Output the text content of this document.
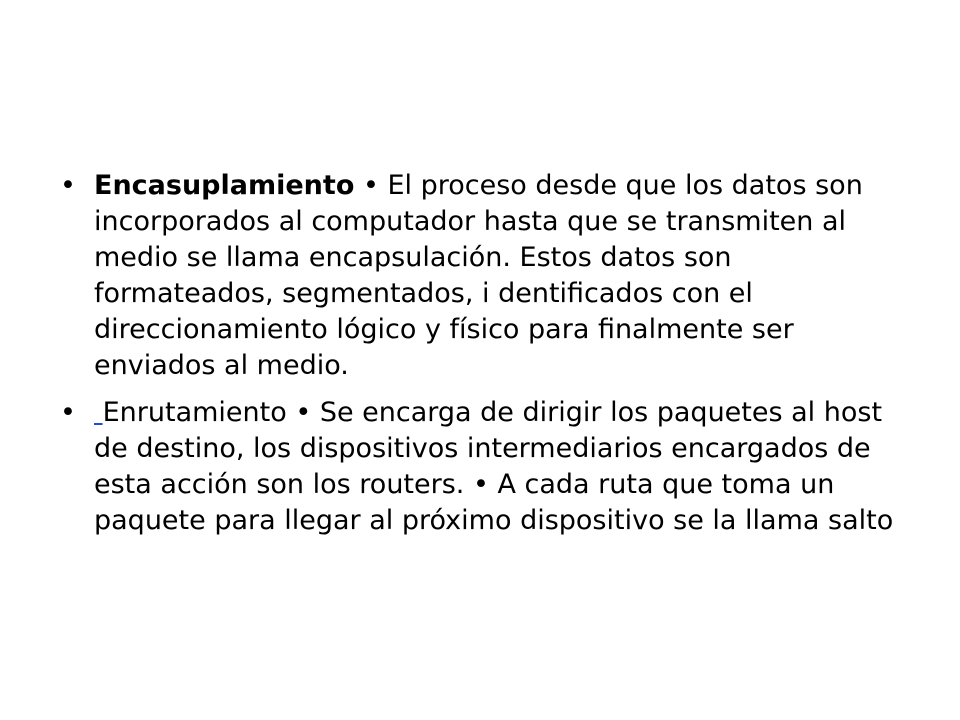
• Encasuplamiento • El proceso desde que los datos son incorporados al computador hasta que se transmiten al medio se llama encapsulación. Estos datos son formateados, segmentados, i dentificados con el direccionamiento lógico y físico para finalmente ser enviados al medio.
• Enrutamiento • Se encarga de dirigir los paquetes al host de destino, los dispositivos intermediarios encargados de esta acción son los routers. • A cada ruta que toma un paquete para llegar al próximo dispositivo se la llama salto
